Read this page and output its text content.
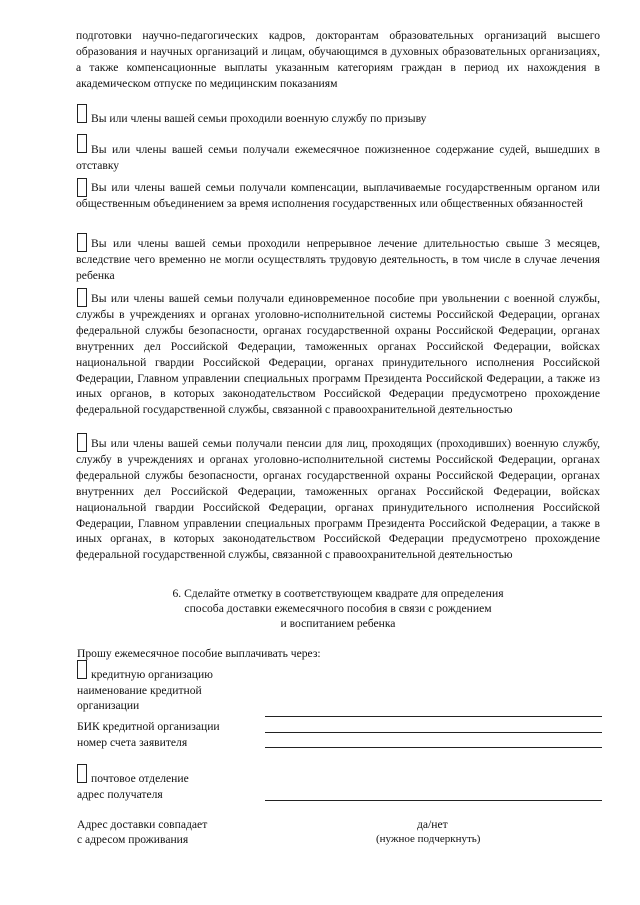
подготовки научно-педагогических кадров, докторантам образовательных организаций высшего образования и научных организаций и лицам, обучающимся в духовных образовательных организациях, а также компенсационные выплаты указанным категориям граждан в период их нахождения в академическом отпуске по медицинским показаниям

Вы или члены вашей семьи проходили военную службу по призыву

Вы или члены вашей семьи получали ежемесячное пожизненное содержание судей, вышедших в отставку

Вы или члены вашей семьи получали компенсации, выплачиваемые государственным органом или общественным объединением за время исполнения государственных или общественных обязанностей

Вы или члены вашей семьи проходили непрерывное лечение длительностью свыше 3 месяцев, вследствие чего временно не могли осуществлять трудовую деятельность, в том числе в случае лечения ребенка

Вы или члены вашей семьи получали единовременное пособие при увольнении с военной службы, службы в учреждениях и органах уголовно-исполнительной системы Российской Федерации, органах федеральной службы безопасности, органах государственной охраны Российской Федерации, органах внутренних дел Российской Федерации, таможенных органах Российской Федерации, войсках национальной гвардии Российской Федерации, органах принудительного исполнения Российской Федерации, Главном управлении специальных программ Президента Российской Федерации, а также из иных органов, в которых законодательством Российской Федерации предусмотрено прохождение федеральной государственной службы, связанной с правоохранительной деятельностью

Вы или члены вашей семьи получали пенсии для лиц, проходящих (проходивших) военную службу, службу в учреждениях и органах уголовно-исполнительной системы Российской Федерации, органах федеральной службы безопасности, органах государственной охраны Российской Федерации, органах внутренних дел Российской Федерации, таможенных органах Российской Федерации, войсках национальной гвардии Российской Федерации, органах принудительного исполнения Российской Федерации, Главном управлении специальных программ Президента Российской Федерации, а также в иных органах, в которых законодательством Российской Федерации предусмотрено прохождение федеральной государственной службы, связанной с правоохранительной деятельностью

6. Сделайте отметку в соответствующем квадрате для определения
способа доставки ежемесячного пособия в связи с рождением
и воспитанием ребенка
Прошу ежемесячное пособие выплачивать через:
кредитную организацию
наименование кредитной
организации
БИК кредитной организации
номер счета заявителя
почтовое отделение
адрес получателя
Адрес доставки совпадает
с адресом проживания
да/нет
(нужное подчеркнуть)
